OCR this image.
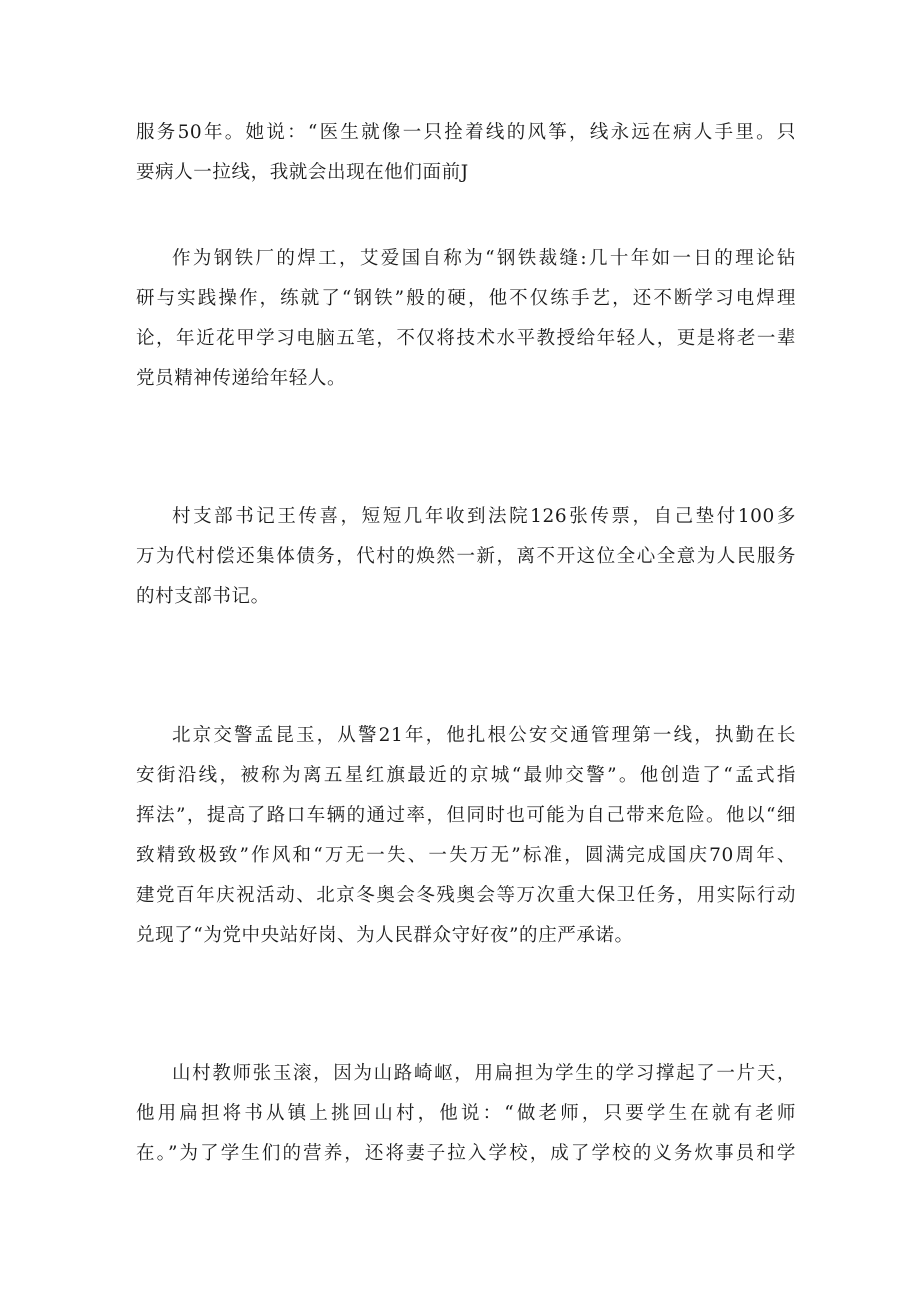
服务50年。她说：“医生就像一只拴着线的风筝，线永远在病人手里。只
要病人一拉线，我就会出现在他们面前J
作为钢铁厂的焊工，艾爱国自称为“钢铁裁缝:几十年如一日的理论钻
研与实践操作，练就了“钢铁”般的硬，他不仅练手艺，还不断学习电焊理
论，年近花甲学习电脑五笔，不仅将技术水平教授给年轻人，更是将老一辈
党员精神传递给年轻人。
村支部书记王传喜，短短几年收到法院126张传票，自己垫付100多
万为代村偿还集体债务，代村的焕然一新，离不开这位全心全意为人民服务
的村支部书记。
北京交警孟昆玉，从警21年，他扎根公安交通管理第一线，执勤在长
安街沿线，被称为离五星红旗最近的京城“最帅交警”。他创造了“孟式指
挥法”，提高了路口车辆的通过率，但同时也可能为自己带来危险。他以“细
致精致极致”作风和“万无一失、一失万无”标准，圆满完成国庆70周年、
建党百年庆祝活动、北京冬奥会冬残奥会等万次重大保卫任务，用实际行动
兑现了“为党中央站好岗、为人民群众守好夜”的庄严承诺。
山村教师张玉滚，因为山路崎岖，用扁担为学生的学习撑起了一片天，
他用扁担将书从镇上挑回山村，他说：“做老师，只要学生在就有老师
在。”为了学生们的营养，还将妻子拉入学校，成了学校的义务炊事员和学
